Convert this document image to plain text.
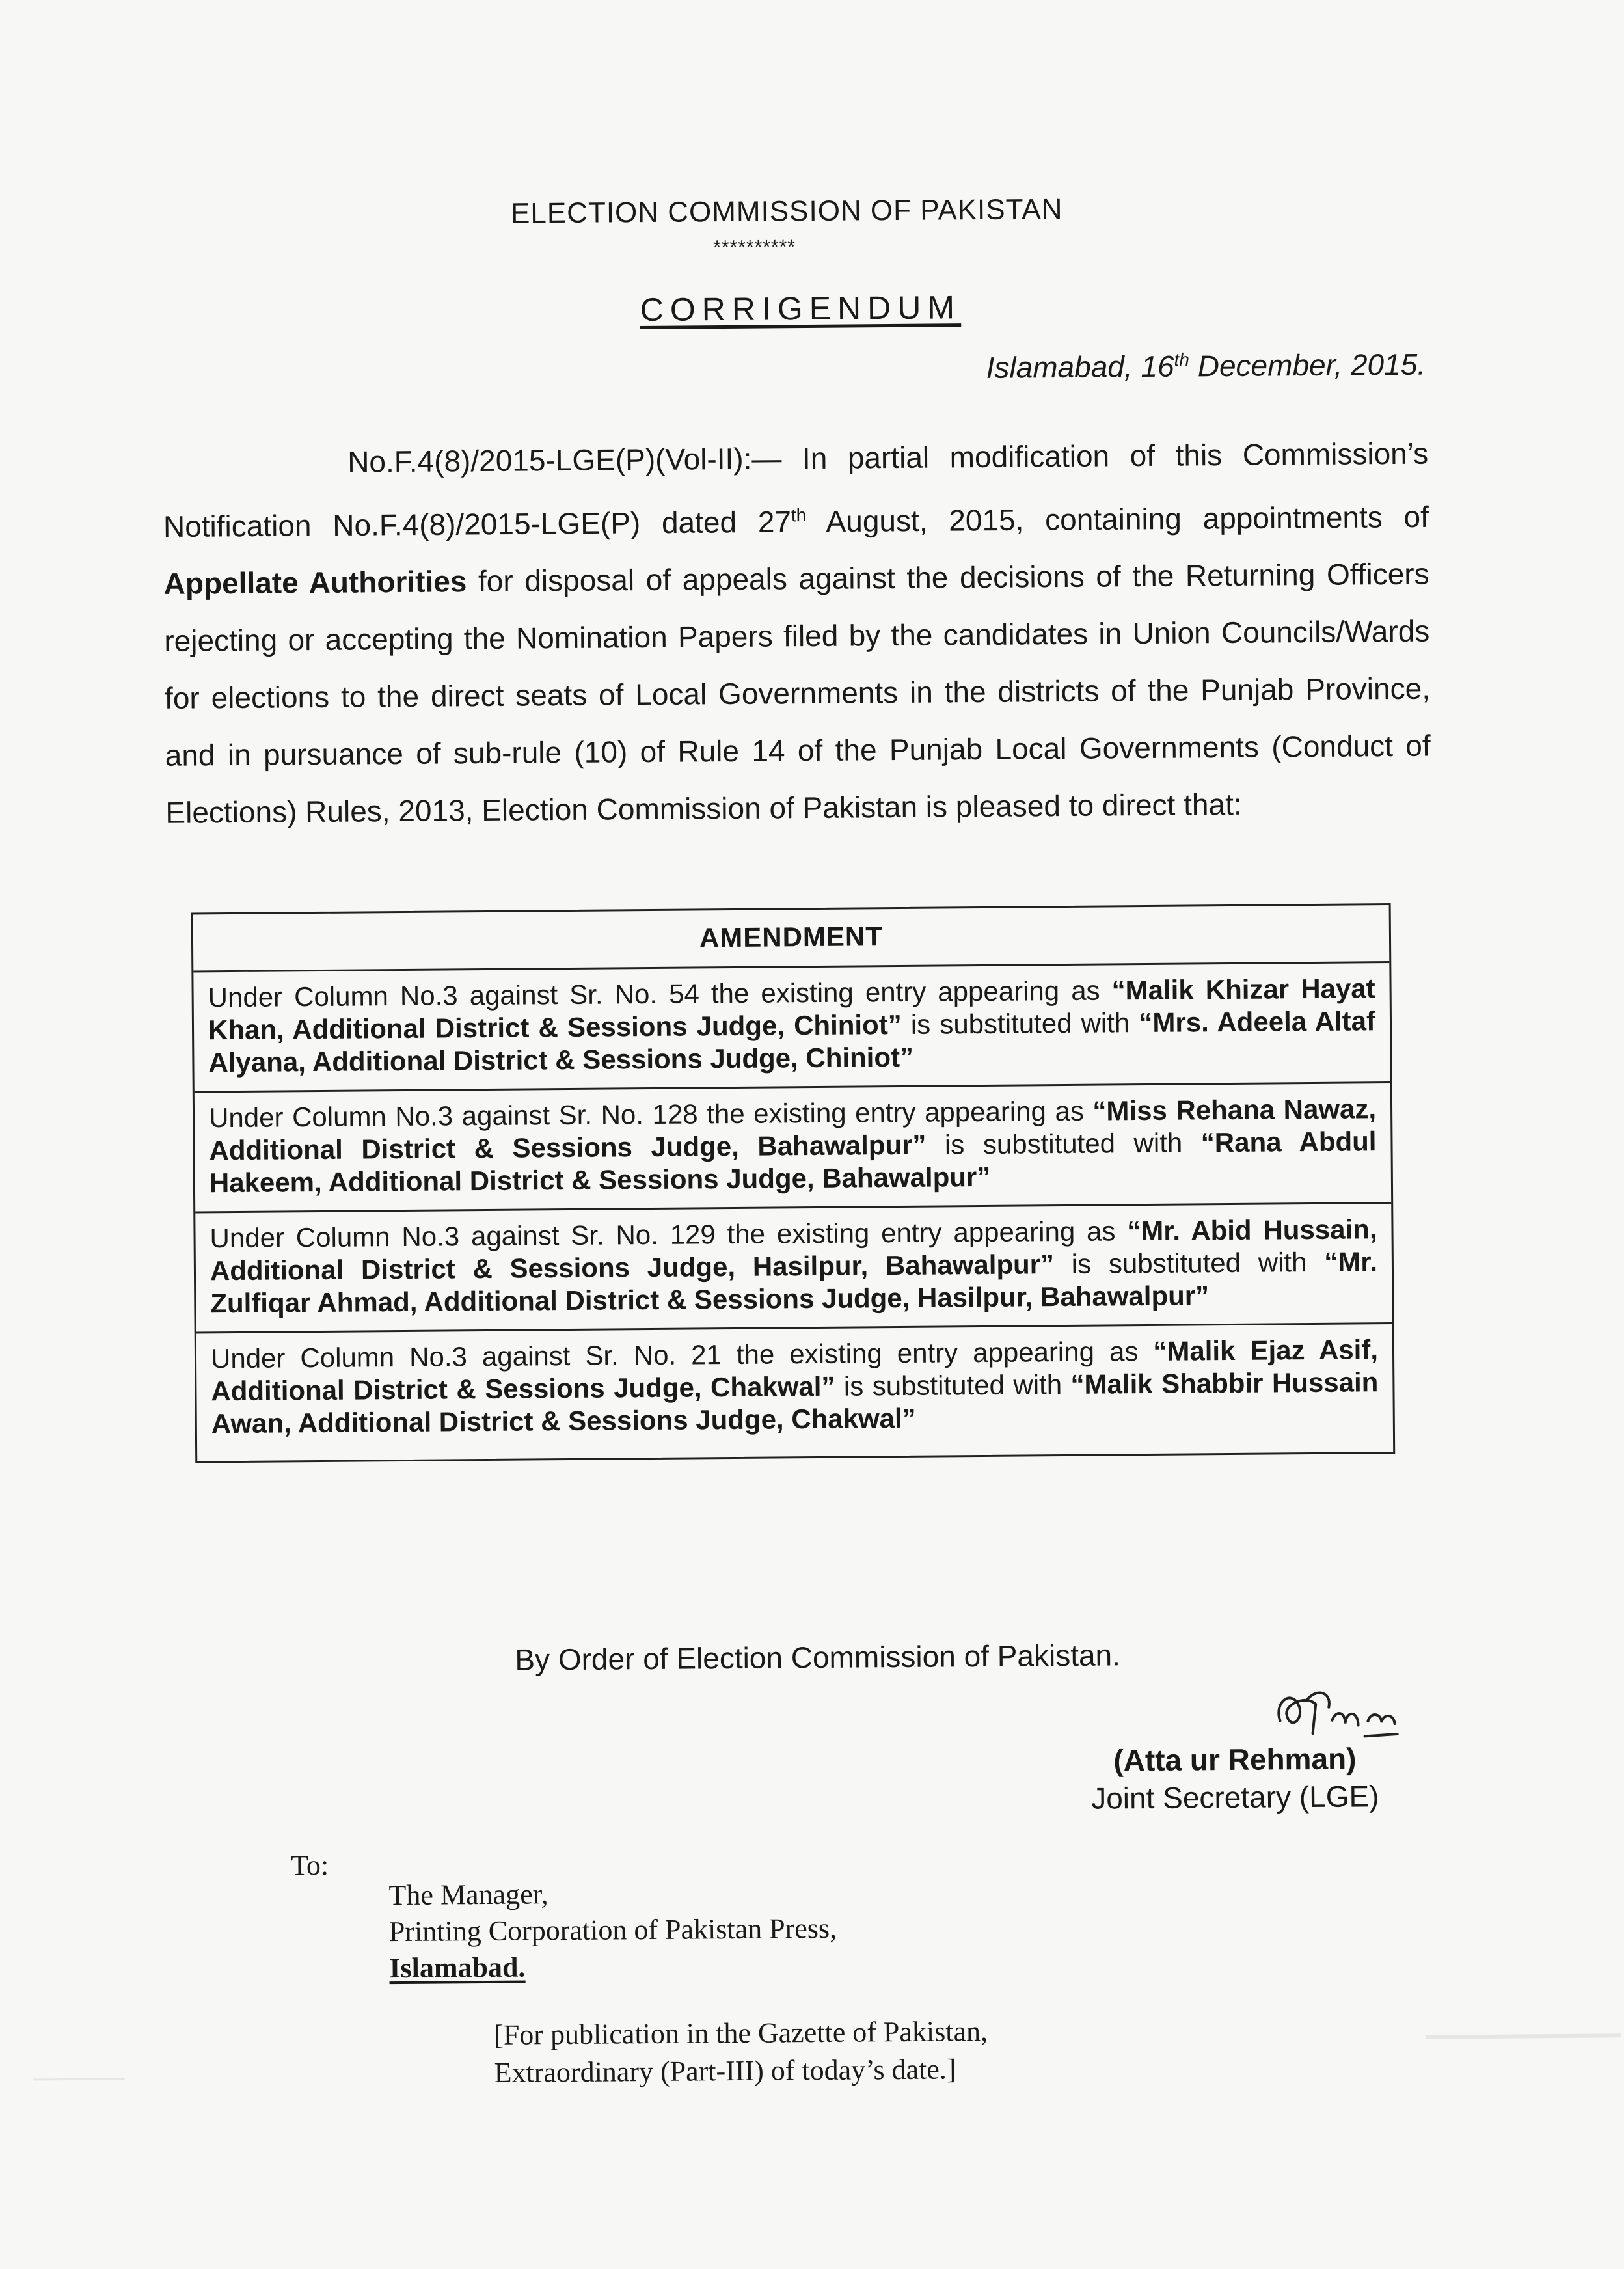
ELECTION COMMISSION OF PAKISTAN
**********
CORRIGENDUM
Islamabad, 16th December, 2015.
No.F.4(8)/2015-LGE(P)(Vol-II):— In partial modification of this Commission’s Notification No.F.4(8)/2015-LGE(P) dated 27th August, 2015, containing appointments of Appellate Authorities for disposal of appeals against the decisions of the Returning Officers rejecting or accepting the Nomination Papers filed by the candidates in Union Councils/Wards for elections to the direct seats of Local Governments in the districts of the Punjab Province, and in pursuance of sub-rule (10) of Rule 14 of the Punjab Local Governments (Conduct of Elections) Rules, 2013, Election Commission of Pakistan is pleased to direct that:
AMENDMENT
Under Column No.3 against Sr. No. 54 the existing entry appearing as “Malik Khizar Hayat Khan, Additional District & Sessions Judge, Chiniot” is substituted with “Mrs. Adeela Altaf Alyana, Additional District & Sessions Judge, Chiniot”
Under Column No.3 against Sr. No. 128 the existing entry appearing as “Miss Rehana Nawaz, Additional District & Sessions Judge, Bahawalpur” is substituted with “Rana Abdul Hakeem, Additional District & Sessions Judge, Bahawalpur”
Under Column No.3 against Sr. No. 129 the existing entry appearing as “Mr. Abid Hussain, Additional District & Sessions Judge, Hasilpur, Bahawalpur” is substituted with “Mr. Zulfiqar Ahmad, Additional District & Sessions Judge, Hasilpur, Bahawalpur”
Under Column No.3 against Sr. No. 21 the existing entry appearing as “Malik Ejaz Asif, Additional District & Sessions Judge, Chakwal” is substituted with “Malik Shabbir Hussain Awan, Additional District & Sessions Judge, Chakwal”
By Order of Election Commission of Pakistan.
(Atta ur Rehman)
Joint Secretary (LGE)
To:
The Manager,
Printing Corporation of Pakistan Press,
Islamabad.
[For publication in the Gazette of Pakistan,
Extraordinary (Part-III) of today’s date.]
